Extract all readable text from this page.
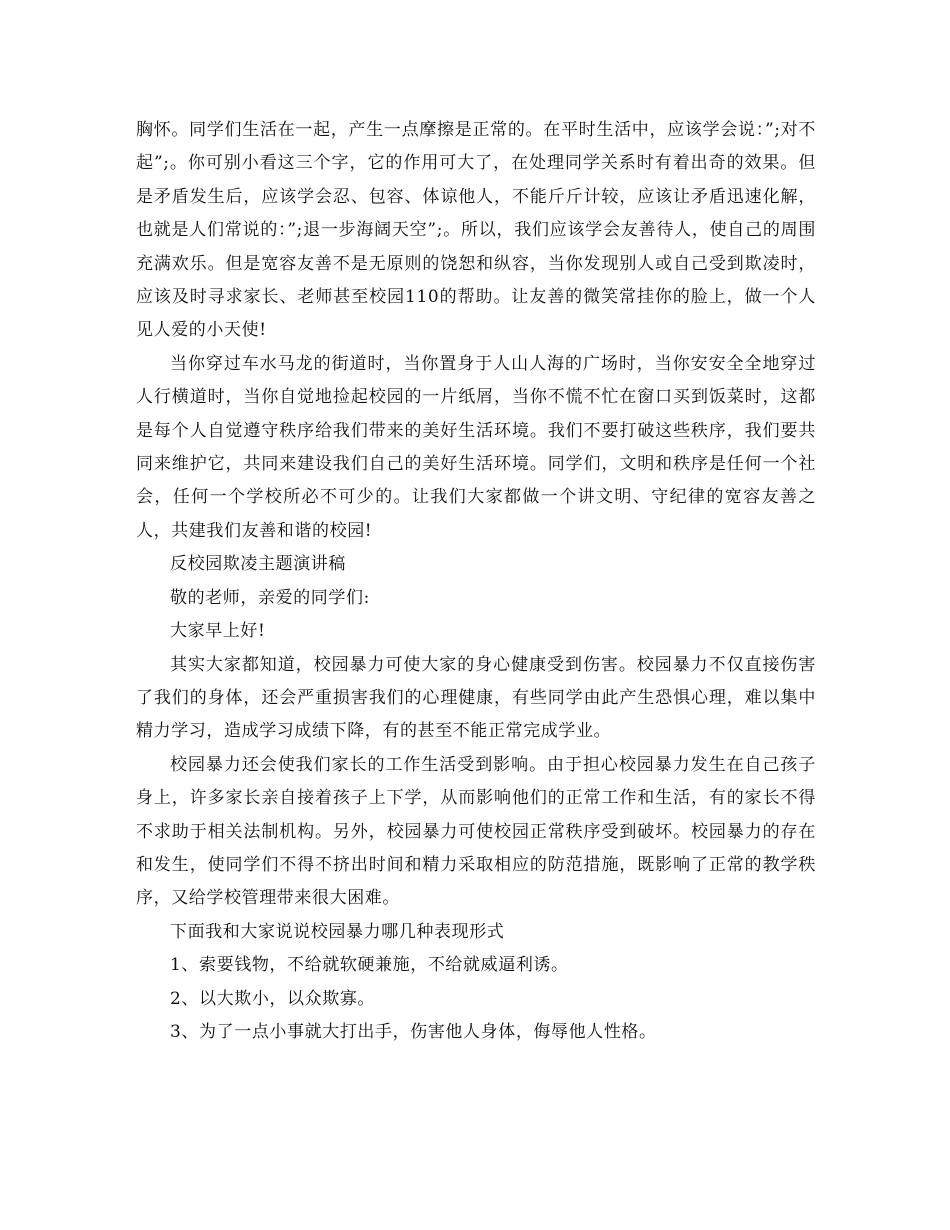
胸怀。同学们生活在一起，产生一点摩擦是正常的。在平时生活中，应该学会说：”;对不起”;。你可别小看这三个字，它的作用可大了，在处理同学关系时有着出奇的效果。但是矛盾发生后，应该学会忍、包容、体谅他人，不能斤斤计较，应该让矛盾迅速化解，也就是人们常说的：”;退一步海阔天空”;。所以，我们应该学会友善待人，使自己的周围充满欢乐。但是宽容友善不是无原则的饶恕和纵容，当你发现别人或自己受到欺凌时，应该及时寻求家长、老师甚至校园110的帮助。让友善的微笑常挂你的脸上，做一个人见人爱的小天使!

当你穿过车水马龙的街道时，当你置身于人山人海的广场时，当你安安全全地穿过人行横道时，当你自觉地捡起校园的一片纸屑，当你不慌不忙在窗口买到饭菜时，这都是每个人自觉遵守秩序给我们带来的美好生活环境。我们不要打破这些秩序，我们要共同来维护它，共同来建设我们自己的美好生活环境。同学们，文明和秩序是任何一个社会，任何一个学校所必不可少的。让我们大家都做一个讲文明、守纪律的宽容友善之人，共建我们友善和谐的校园!

反校园欺凌主题演讲稿

敬的老师，亲爱的同学们:

大家早上好!

其实大家都知道，校园暴力可使大家的身心健康受到伤害。校园暴力不仅直接伤害了我们的身体，还会严重损害我们的心理健康，有些同学由此产生恐惧心理，难以集中精力学习，造成学习成绩下降，有的甚至不能正常完成学业。

校园暴力还会使我们家长的工作生活受到影响。由于担心校园暴力发生在自己孩子身上，许多家长亲自接着孩子上下学，从而影响他们的正常工作和生活，有的家长不得不求助于相关法制机构。另外，校园暴力可使校园正常秩序受到破坏。校园暴力的存在和发生，使同学们不得不挤出时间和精力采取相应的防范措施，既影响了正常的教学秩序，又给学校管理带来很大困难。

下面我和大家说说校园暴力哪几种表现形式

1、索要钱物，不给就软硬兼施，不给就威逼利诱。

2、以大欺小，以众欺寡。

3、为了一点小事就大打出手，伤害他人身体，侮辱他人性格。
